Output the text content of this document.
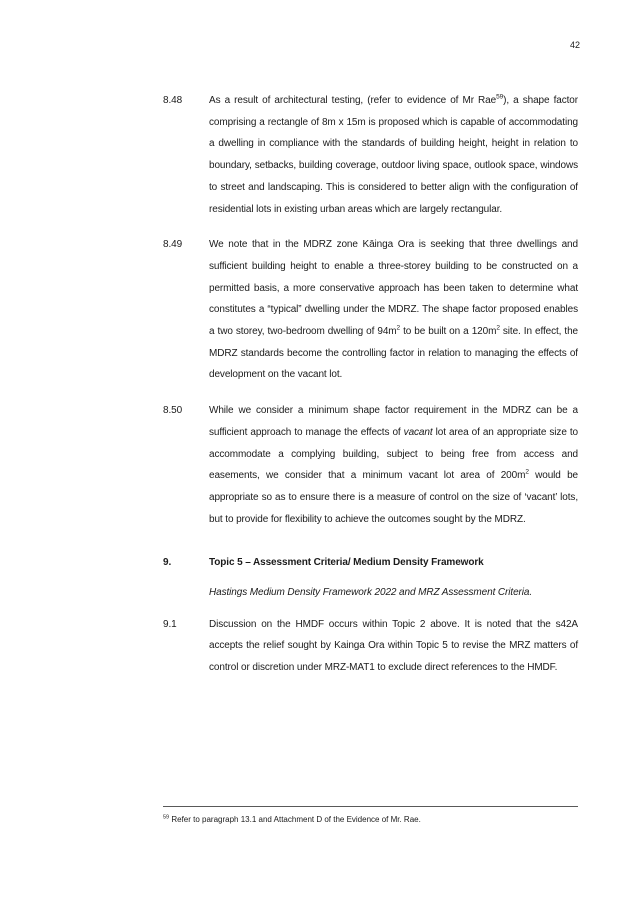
42
8.48	As a result of architectural testing, (refer to evidence of Mr Rae$^{59}$), a shape factor comprising a rectangle of 8m x 15m is proposed which is capable of accommodating a dwelling in compliance with the standards of building height, height in relation to boundary, setbacks, building coverage, outdoor living space, outlook space, windows to street and landscaping. This is considered to better align with the configuration of residential lots in existing urban areas which are largely rectangular.
8.49	We note that in the MDRZ zone Kāinga Ora is seeking that three dwellings and sufficient building height to enable a three-storey building to be constructed on a permitted basis, a more conservative approach has been taken to determine what constitutes a “typical” dwelling under the MDRZ. The shape factor proposed enables a two storey, two-bedroom dwelling of $94m^2$ to be built on a $120m^2$ site. In effect, the MDRZ standards become the controlling factor in relation to managing the effects of development on the vacant lot.
8.50	While we consider a minimum shape factor requirement in the MDRZ can be a sufficient approach to manage the effects of vacant lot area of an appropriate size to accommodate a complying building, subject to being free from access and easements, we consider that a minimum vacant lot area of $200m^2$ would be appropriate so as to ensure there is a measure of control on the size of ‘vacant’ lots, but to provide for flexibility to achieve the outcomes sought by the MDRZ.
9.	Topic 5 – Assessment Criteria/ Medium Density Framework
Hastings Medium Density Framework 2022 and MRZ Assessment Criteria.
9.1	Discussion on the HMDF occurs within Topic 2 above. It is noted that the s42A accepts the relief sought by Kainga Ora within Topic 5 to revise the MRZ matters of control or discretion under MRZ-MAT1 to exclude direct references to the HMDF.
$^{59}$ Refer to paragraph 13.1 and Attachment D of the Evidence of Mr. Rae.
